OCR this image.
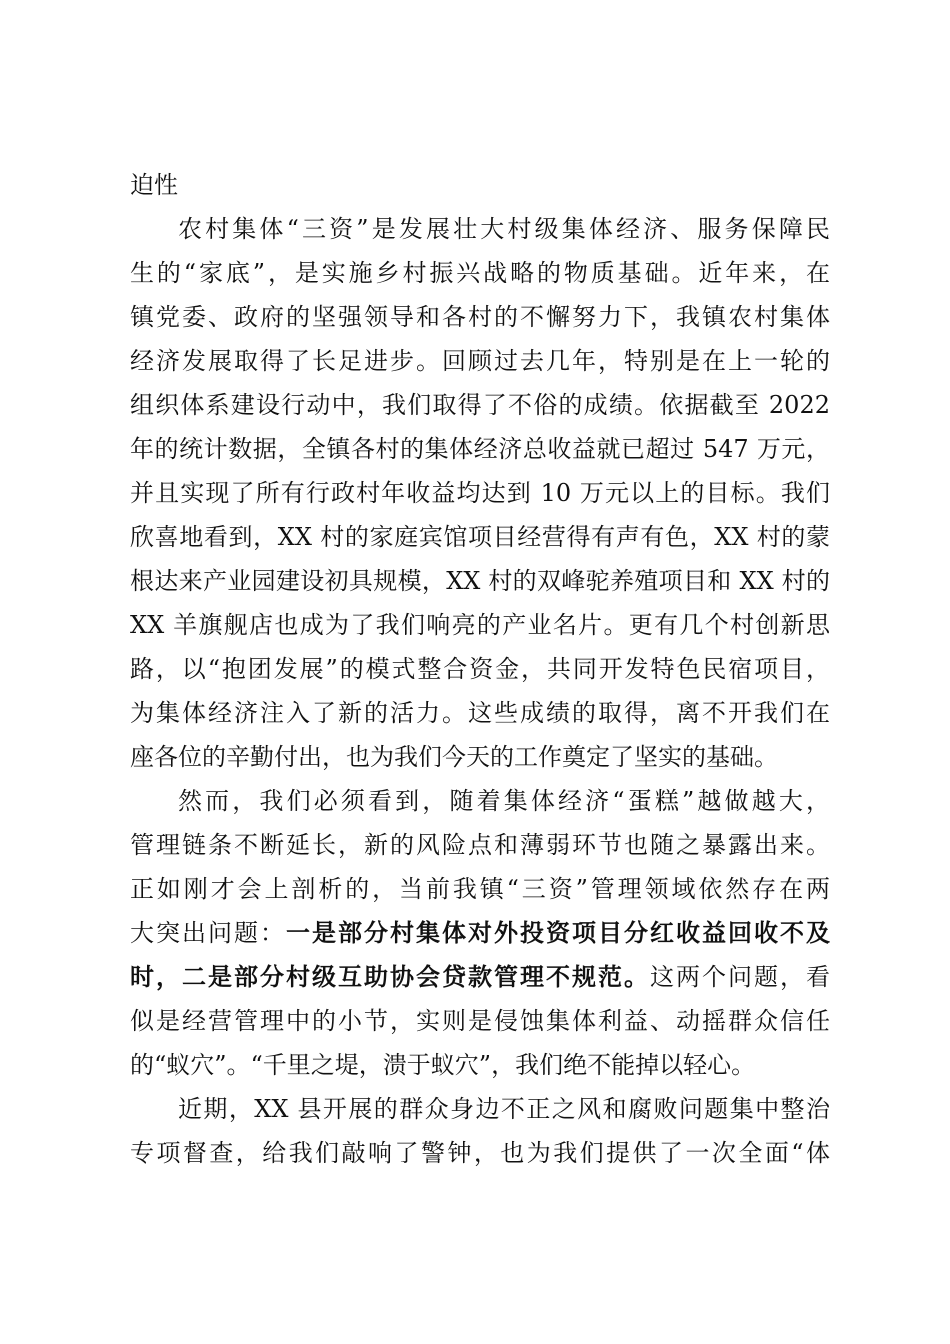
迫性
农村集体“三资”是发展壮大村级集体经济、服务保障民
生的“家底”，是实施乡村振兴战略的物质基础。近年来，在
镇党委、政府的坚强领导和各村的不懈努力下，我镇农村集体
经济发展取得了长足进步。回顾过去几年，特别是在上一轮的
组织体系建设行动中，我们取得了不俗的成绩。依据截至 2022
年的统计数据，全镇各村的集体经济总收益就已超过 547 万元，
并且实现了所有行政村年收益均达到 10 万元以上的目标。我们
欣喜地看到，XX 村的家庭宾馆项目经营得有声有色，XX 村的蒙
根达来产业园建设初具规模，XX 村的双峰驼养殖项目和 XX 村的
XX 羊旗舰店也成为了我们响亮的产业名片。更有几个村创新思
路，以“抱团发展”的模式整合资金，共同开发特色民宿项目，
为集体经济注入了新的活力。这些成绩的取得，离不开我们在
座各位的辛勤付出，也为我们今天的工作奠定了坚实的基础。
然而，我们必须看到，随着集体经济“蛋糕”越做越大，
管理链条不断延长，新的风险点和薄弱环节也随之暴露出来。
正如刚才会上剖析的，当前我镇“三资”管理领域依然存在两
大突出问题：一是部分村集体对外投资项目分红收益回收不及
时，二是部分村级互助协会贷款管理不规范。这两个问题，看
似是经营管理中的小节，实则是侵蚀集体利益、动摇群众信任
的“蚁穴”。“千里之堤，溃于蚁穴”，我们绝不能掉以轻心。
近期，XX 县开展的群众身边不正之风和腐败问题集中整治
专项督查，给我们敲响了警钟，也为我们提供了一次全面“体
